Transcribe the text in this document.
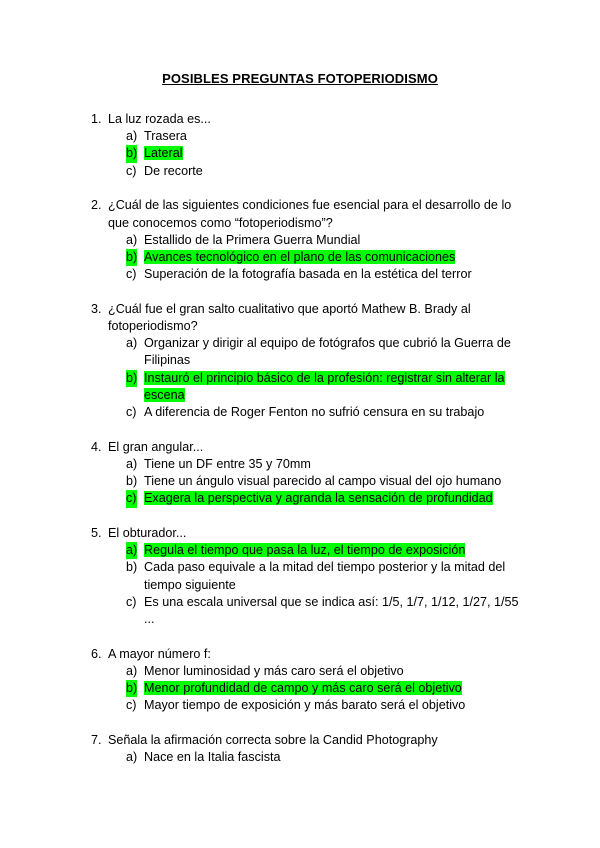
POSIBLES PREGUNTAS FOTOPERIODISMO
1. La luz rozada es...
a) Trasera
b) Lateral
c) De recorte
2. ¿Cuál de las siguientes condiciones fue esencial para el desarrollo de lo que conocemos como “fotoperiodismo”?
a) Estallido de la Primera Guerra Mundial
b) Avances tecnológico en el plano de las comunicaciones
c) Superación de la fotografía basada en la estética del terror
3. ¿Cuál fue el gran salto cualitativo que aportó Mathew B. Brady al fotoperiodismo?
a) Organizar y dirigir al equipo de fotógrafos que cubrió la Guerra de Filipinas
b) Instauró el principio básico de la profesión: registrar sin alterar la escena
c) A diferencia de Roger Fenton no sufrió censura en su trabajo
4. El gran angular...
a) Tiene un DF entre 35 y 70mm
b) Tiene un ángulo visual parecido al campo visual del ojo humano
c) Exagera la perspectiva y agranda la sensación de profundidad
5. El obturador...
a) Regula el tiempo que pasa la luz, el tiempo de exposición
b) Cada paso equivale a la mitad del tiempo posterior y la mitad del tiempo siguiente
c) Es una escala universal que se indica así: 1/5, 1/7, 1/12, 1/27, 1/55 ...
6. A mayor número f:
a) Menor luminosidad y más caro será el objetivo
b) Menor profundidad de campo y más caro será el objetivo
c) Mayor tiempo de exposición y más barato será el objetivo
7. Señala la afirmación correcta sobre la Candid Photography
a) Nace en la Italia fascista
